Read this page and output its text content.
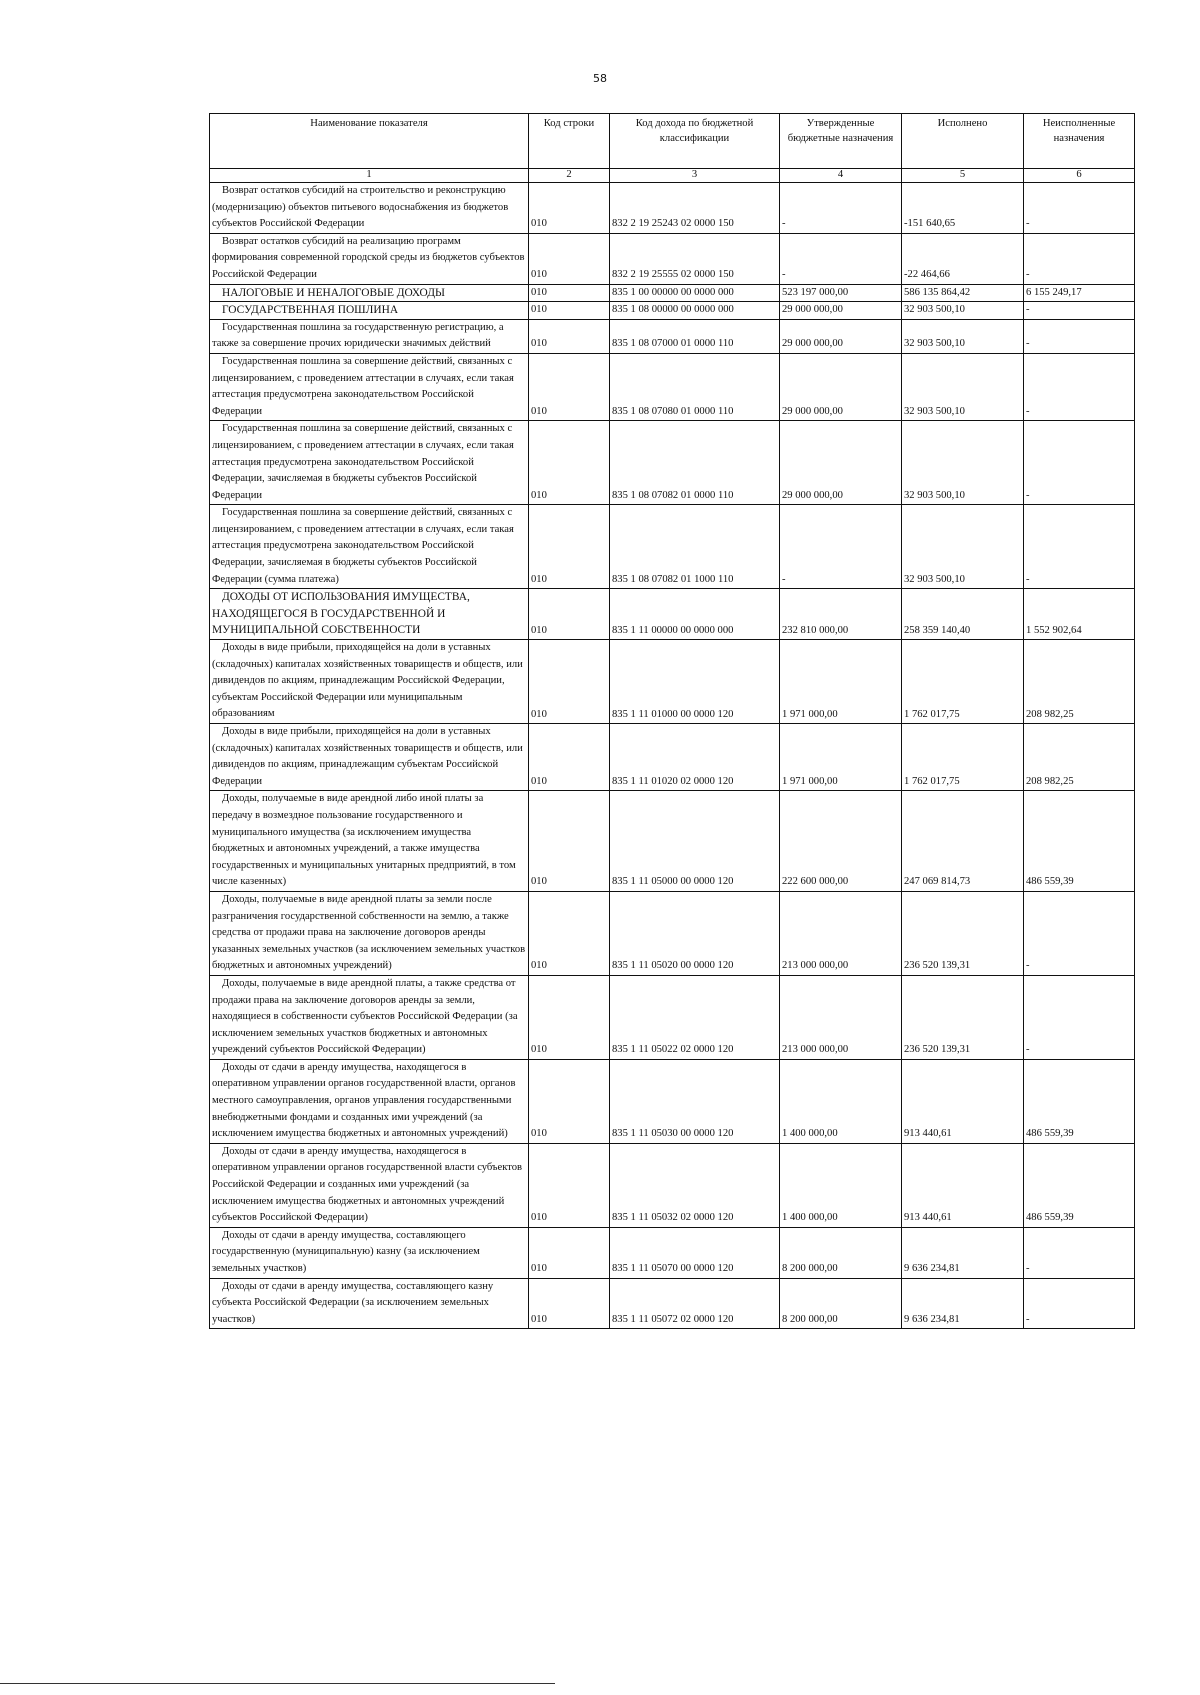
58
Наименование показателя	Код строки	Код дохода по бюджетной классификации	Утвержденные бюджетные назначения	Исполнено	Неисполненные назначения
1	2	3	4	5	6
Возврат остатков субсидий на строительство и реконструкцию (модернизацию) объектов питьевого водоснабжения из бюджетов субъектов Российской Федерации	010	832 2 19 25243 02 0000 150	-	-151 640,65	-
Возврат остатков субсидий на реализацию программ формирования современной городской среды из бюджетов субъектов Российской Федерации	010	832 2 19 25555 02 0000 150	-	-22 464,66	-
НАЛОГОВЫЕ И НЕНАЛОГОВЫЕ ДОХОДЫ	010	835 1 00 00000 00 0000 000	523 197 000,00	586 135 864,42	6 155 249,17
ГОСУДАРСТВЕННАЯ ПОШЛИНА	010	835 1 08 00000 00 0000 000	29 000 000,00	32 903 500,10	-
Государственная пошлина за государственную регистрацию, а также за совершение прочих юридически значимых действий	010	835 1 08 07000 01 0000 110	29 000 000,00	32 903 500,10	-
Государственная пошлина за совершение действий, связанных с лицензированием, с проведением аттестации в случаях, если такая аттестация предусмотрена законодательством Российской Федерации	010	835 1 08 07080 01 0000 110	29 000 000,00	32 903 500,10	-
Государственная пошлина за совершение действий, связанных с лицензированием, с проведением аттестации в случаях, если такая аттестация предусмотрена законодательством Российской Федерации, зачисляемая в бюджеты субъектов Российской Федерации	010	835 1 08 07082 01 0000 110	29 000 000,00	32 903 500,10	-
Государственная пошлина за совершение действий, связанных с лицензированием, с проведением аттестации в случаях, если такая аттестация предусмотрена законодательством Российской Федерации, зачисляемая в бюджеты субъектов Российской Федерации (сумма платежа)	010	835 1 08 07082 01 1000 110	-	32 903 500,10	-
ДОХОДЫ ОТ ИСПОЛЬЗОВАНИЯ ИМУЩЕСТВА, НАХОДЯЩЕГОСЯ В ГОСУДАРСТВЕННОЙ И МУНИЦИПАЛЬНОЙ СОБСТВЕННОСТИ	010	835 1 11 00000 00 0000 000	232 810 000,00	258 359 140,40	1 552 902,64
Доходы в виде прибыли, приходящейся на доли в уставных (складочных) капиталах хозяйственных товариществ и обществ, или дивидендов по акциям, принадлежащим Российской Федерации, субъектам Российской Федерации или муниципальным образованиям	010	835 1 11 01000 00 0000 120	1 971 000,00	1 762 017,75	208 982,25
Доходы в виде прибыли, приходящейся на доли в уставных (складочных) капиталах хозяйственных товариществ и обществ, или дивидендов по акциям, принадлежащим субъектам Российской Федерации	010	835 1 11 01020 02 0000 120	1 971 000,00	1 762 017,75	208 982,25
Доходы, получаемые в виде арендной либо иной платы за передачу в возмездное пользование государственного и муниципального имущества (за исключением имущества бюджетных и автономных учреждений, а также имущества государственных и муниципальных унитарных предприятий, в том числе казенных)	010	835 1 11 05000 00 0000 120	222 600 000,00	247 069 814,73	486 559,39
Доходы, получаемые в виде арендной платы за земли после разграничения государственной собственности на землю, а также средства от продажи права на заключение договоров аренды указанных земельных участков (за исключением земельных участков бюджетных и автономных учреждений)	010	835 1 11 05020 00 0000 120	213 000 000,00	236 520 139,31	-
Доходы, получаемые в виде арендной платы, а также средства от продажи права на заключение договоров аренды за земли, находящиеся в собственности субъектов Российской Федерации (за исключением земельных участков бюджетных и автономных учреждений субъектов Российской Федерации)	010	835 1 11 05022 02 0000 120	213 000 000,00	236 520 139,31	-
Доходы от сдачи в аренду имущества, находящегося в оперативном управлении органов государственной власти, органов местного самоуправления, органов управления государственными внебюджетными фондами и созданных ими учреждений (за исключением имущества бюджетных и автономных учреждений)	010	835 1 11 05030 00 0000 120	1 400 000,00	913 440,61	486 559,39
Доходы от сдачи в аренду имущества, находящегося в оперативном управлении органов государственной власти субъектов Российской Федерации и созданных ими учреждений (за исключением имущества бюджетных и автономных учреждений субъектов Российской Федерации)	010	835 1 11 05032 02 0000 120	1 400 000,00	913 440,61	486 559,39
Доходы от сдачи в аренду имущества, составляющего государственную (муниципальную) казну (за исключением земельных участков)	010	835 1 11 05070 00 0000 120	8 200 000,00	9 636 234,81	-
Доходы от сдачи в аренду имущества, составляющего казну субъекта Российской Федерации (за исключением земельных участков)	010	835 1 11 05072 02 0000 120	8 200 000,00	9 636 234,81	-
